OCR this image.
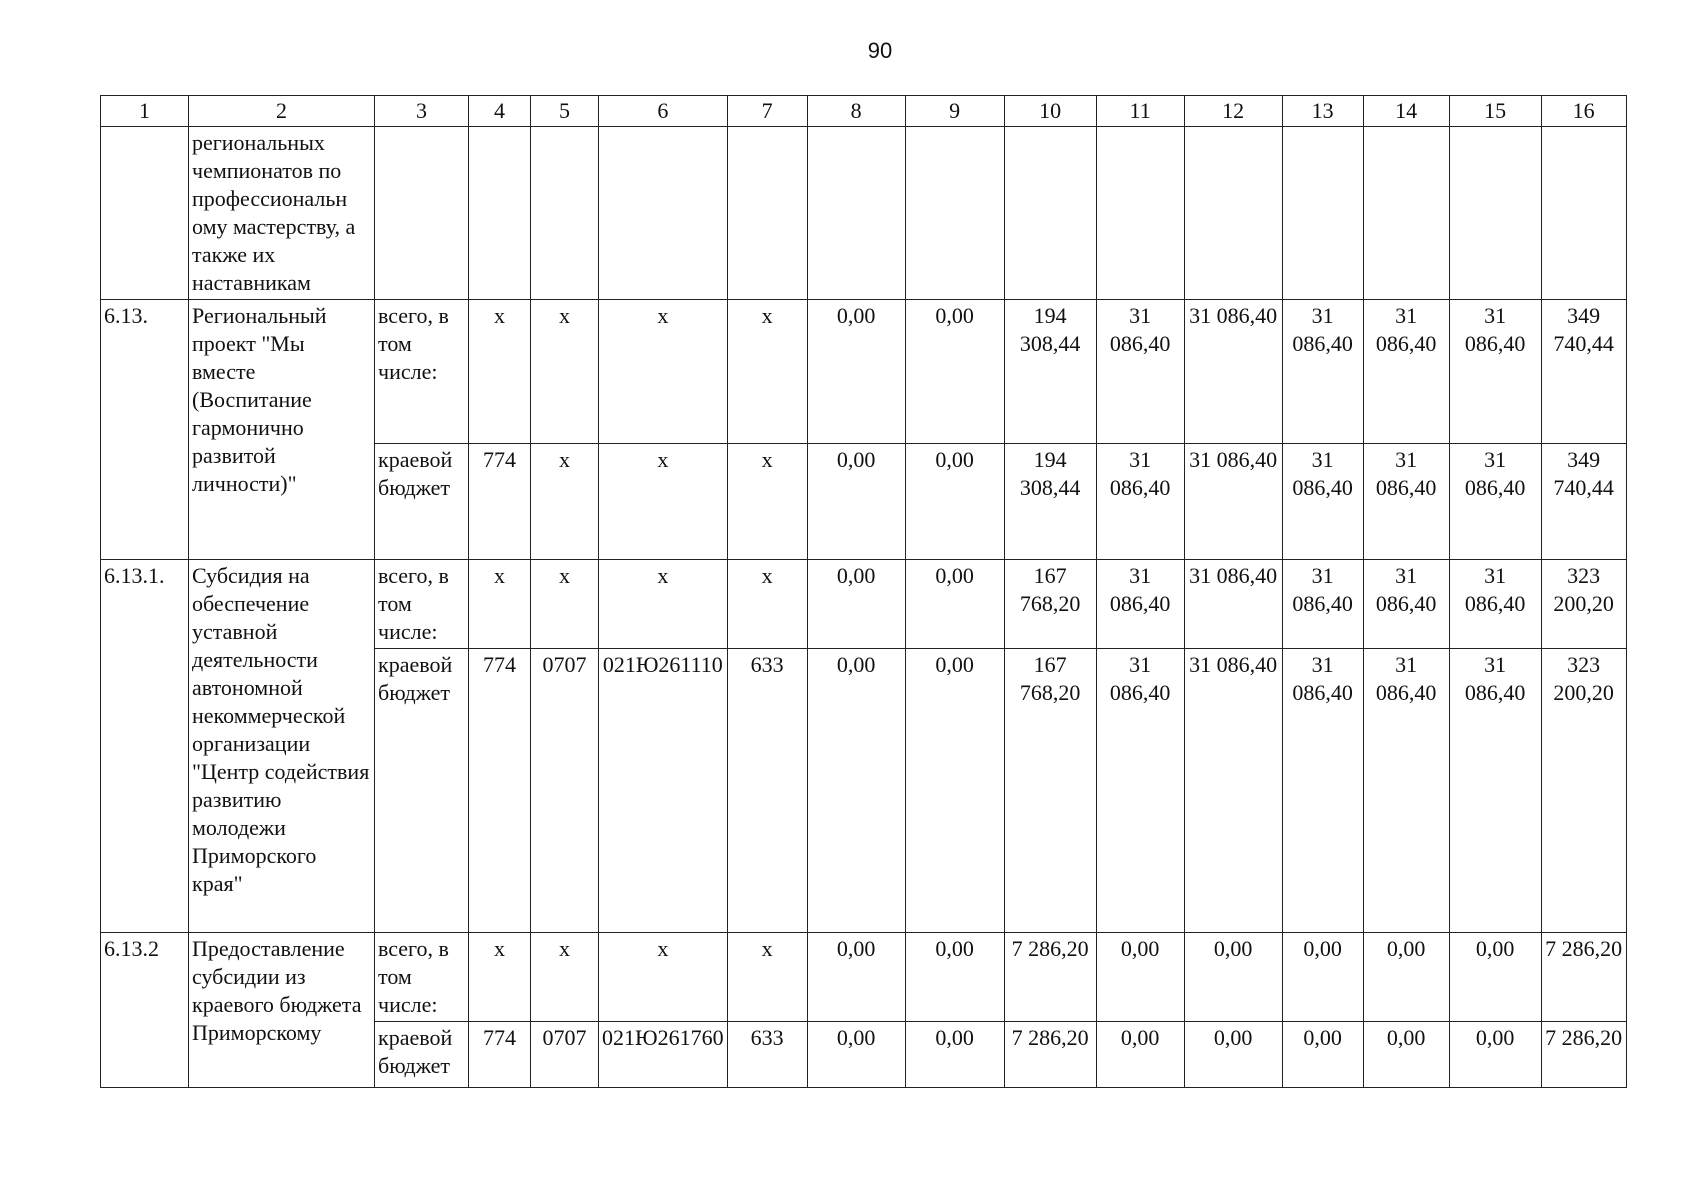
90
1	2	3	4	5	6	7	8	9	10	11	12	13	14	15	16
	региональных чемпионатов по профессиональн ому мастерству, а также их наставникам														
6.13.	Региональный проект "Мы вместе (Воспитание гармонично развитой личности)"	всего, в том числе:	х	х	х	х	0,00	0,00	194 308,44	31 086,40	31 086,40	31 086,40	31 086,40	31 086,40	349 740,44
		краевой бюджет	774	х	х	х	0,00	0,00	194 308,44	31 086,40	31 086,40	31 086,40	31 086,40	31 086,40	349 740,44
6.13.1.	Субсидия на обеспечение уставной деятельности автономной некоммерческой организации "Центр содействия развитию молодежи Приморского края"	всего, в том числе:	х	х	х	х	0,00	0,00	167 768,20	31 086,40	31 086,40	31 086,40	31 086,40	31 086,40	323 200,20
		краевой бюджет	774	0707	021Ю261110	633	0,00	0,00	167 768,20	31 086,40	31 086,40	31 086,40	31 086,40	31 086,40	323 200,20
6.13.2	Предоставление субсидии из краевого бюджета Приморскому	всего, в том числе:	х	х	х	х	0,00	0,00	7 286,20	0,00	0,00	0,00	0,00	0,00	7 286,20
		краевой бюджет	774	0707	021Ю261760	633	0,00	0,00	7 286,20	0,00	0,00	0,00	0,00	0,00	7 286,20
